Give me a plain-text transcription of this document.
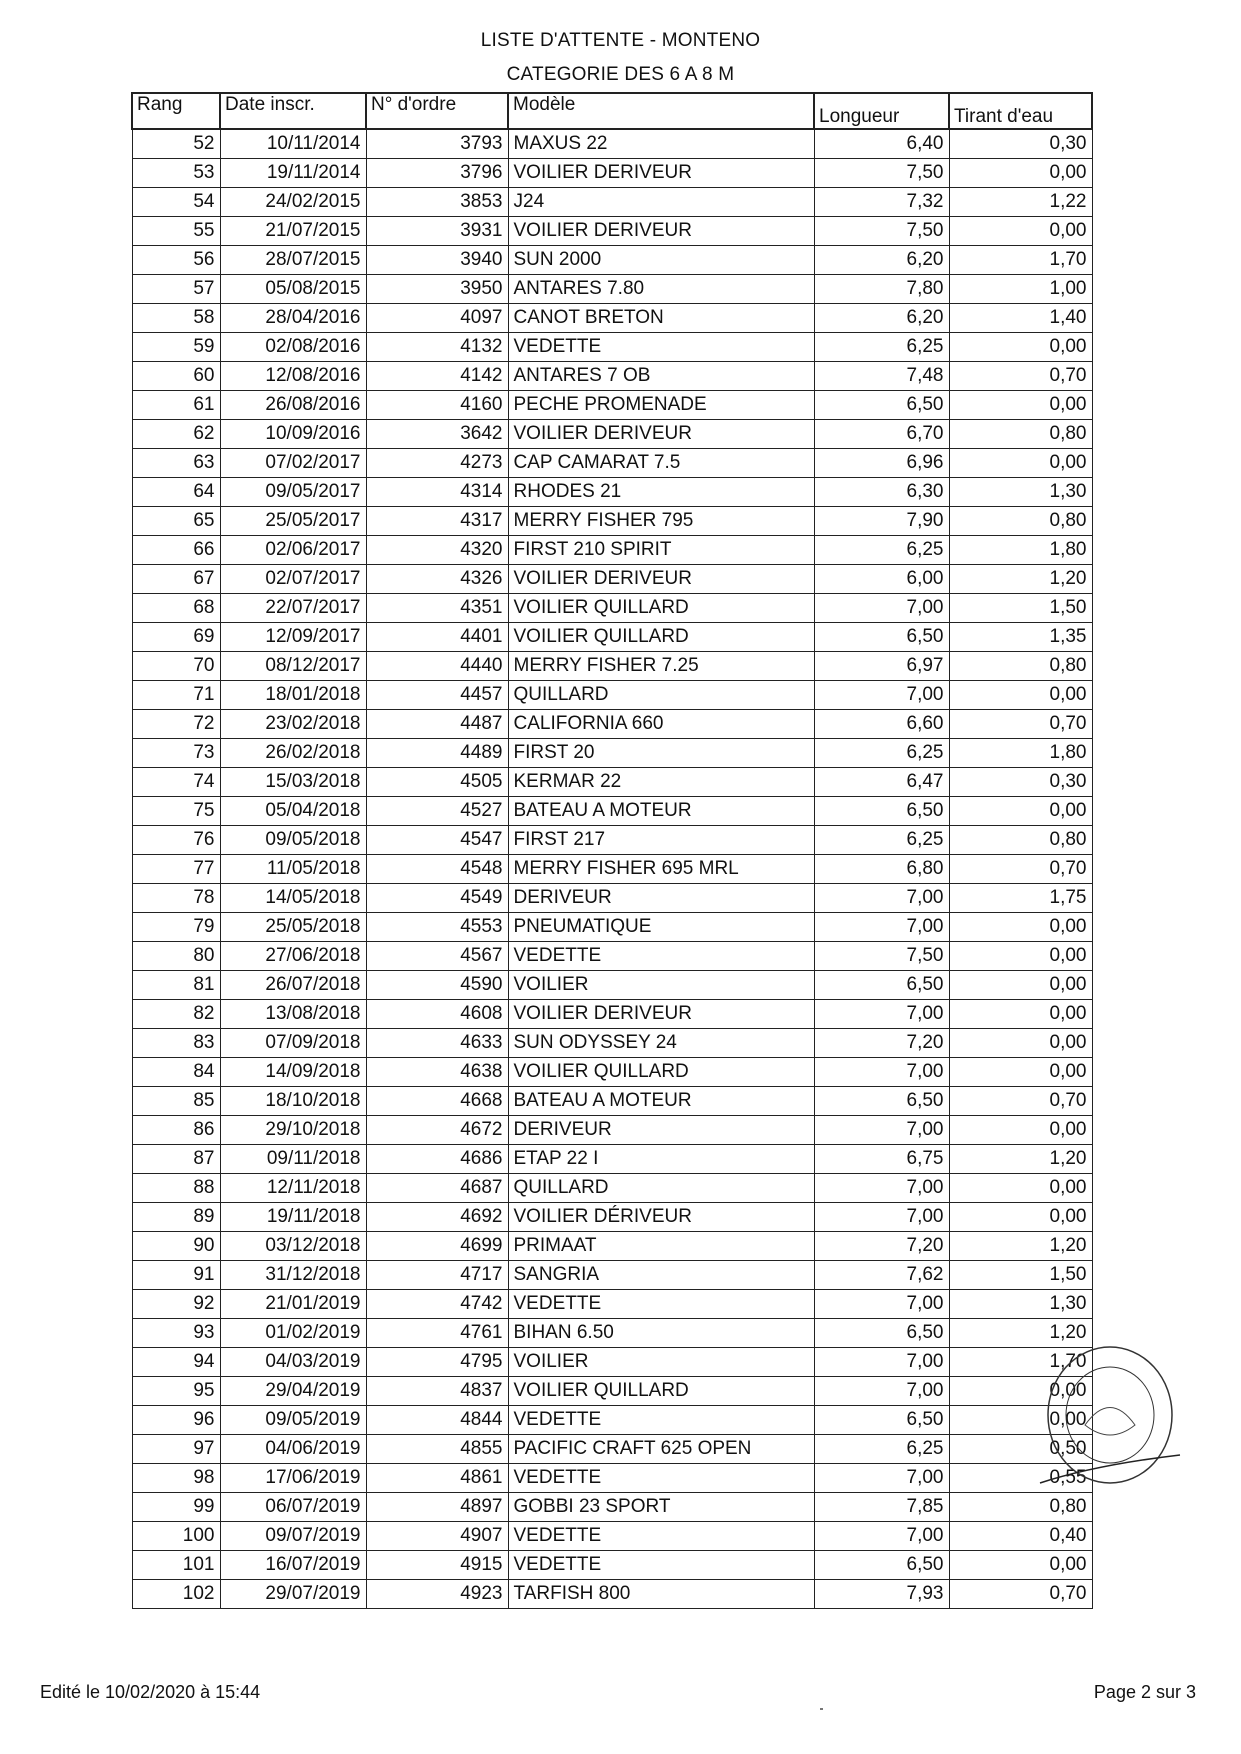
LISTE D'ATTENTE - MONTENO
CATEGORIE DES 6 A 8 M
Rang	Date inscr.	N° d'ordre	Modèle	Longueur	Tirant d'eau
52	10/11/2014	3793	MAXUS 22	6,40	0,30
53	19/11/2014	3796	VOILIER DERIVEUR	7,50	0,00
54	24/02/2015	3853	J24	7,32	1,22
55	21/07/2015	3931	VOILIER DERIVEUR	7,50	0,00
56	28/07/2015	3940	SUN 2000	6,20	1,70
57	05/08/2015	3950	ANTARES 7.80	7,80	1,00
58	28/04/2016	4097	CANOT BRETON	6,20	1,40
59	02/08/2016	4132	VEDETTE	6,25	0,00
60	12/08/2016	4142	ANTARES 7 OB	7,48	0,70
61	26/08/2016	4160	PECHE PROMENADE	6,50	0,00
62	10/09/2016	3642	VOILIER DERIVEUR	6,70	0,80
63	07/02/2017	4273	CAP CAMARAT 7.5	6,96	0,00
64	09/05/2017	4314	RHODES 21	6,30	1,30
65	25/05/2017	4317	MERRY FISHER 795	7,90	0,80
66	02/06/2017	4320	FIRST 210 SPIRIT	6,25	1,80
67	02/07/2017	4326	VOILIER DERIVEUR	6,00	1,20
68	22/07/2017	4351	VOILIER QUILLARD	7,00	1,50
69	12/09/2017	4401	VOILIER QUILLARD	6,50	1,35
70	08/12/2017	4440	MERRY FISHER 7.25	6,97	0,80
71	18/01/2018	4457	QUILLARD	7,00	0,00
72	23/02/2018	4487	CALIFORNIA 660	6,60	0,70
73	26/02/2018	4489	FIRST 20	6,25	1,80
74	15/03/2018	4505	KERMAR 22	6,47	0,30
75	05/04/2018	4527	BATEAU A MOTEUR	6,50	0,00
76	09/05/2018	4547	FIRST 217	6,25	0,80
77	11/05/2018	4548	MERRY FISHER 695 MRL	6,80	0,70
78	14/05/2018	4549	DERIVEUR	7,00	1,75
79	25/05/2018	4553	PNEUMATIQUE	7,00	0,00
80	27/06/2018	4567	VEDETTE	7,50	0,00
81	26/07/2018	4590	VOILIER	6,50	0,00
82	13/08/2018	4608	VOILIER DERIVEUR	7,00	0,00
83	07/09/2018	4633	SUN ODYSSEY 24	7,20	0,00
84	14/09/2018	4638	VOILIER QUILLARD	7,00	0,00
85	18/10/2018	4668	BATEAU A MOTEUR	6,50	0,70
86	29/10/2018	4672	DERIVEUR	7,00	0,00
87	09/11/2018	4686	ETAP 22 I	6,75	1,20
88	12/11/2018	4687	QUILLARD	7,00	0,00
89	19/11/2018	4692	VOILIER DÉRIVEUR	7,00	0,00
90	03/12/2018	4699	PRIMAAT	7,20	1,20
91	31/12/2018	4717	SANGRIA	7,62	1,50
92	21/01/2019	4742	VEDETTE	7,00	1,30
93	01/02/2019	4761	BIHAN 6.50	6,50	1,20
94	04/03/2019	4795	VOILIER	7,00	1,70
95	29/04/2019	4837	VOILIER QUILLARD	7,00	0,00
96	09/05/2019	4844	VEDETTE	6,50	0,00
97	04/06/2019	4855	PACIFIC CRAFT 625 OPEN	6,25	0,50
98	17/06/2019	4861	VEDETTE	7,00	0,55
99	06/07/2019	4897	GOBBI 23 SPORT	7,85	0,80
100	09/07/2019	4907	VEDETTE	7,00	0,40
101	16/07/2019	4915	VEDETTE	6,50	0,00
102	29/07/2019	4923	TARFISH 800	7,93	0,70
Edité le 10/02/2020 à 15:44	Page 2 sur 3
